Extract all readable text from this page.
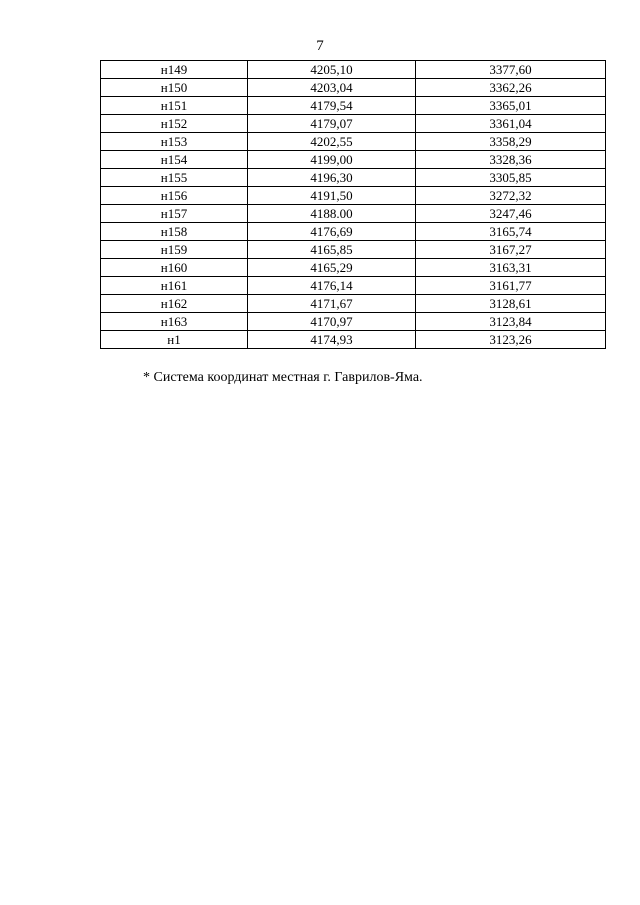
7
н149	4205,10	3377,60
н150	4203,04	3362,26
н151	4179,54	3365,01
н152	4179,07	3361,04
н153	4202,55	3358,29
н154	4199,00	3328,36
н155	4196,30	3305,85
н156	4191,50	3272,32
н157	4188.00	3247,46
н158	4176,69	3165,74
н159	4165,85	3167,27
н160	4165,29	3163,31
н161	4176,14	3161,77
н162	4171,67	3128,61
н163	4170,97	3123,84
н1	4174,93	3123,26
* Система координат местная г. Гаврилов-Яма.
